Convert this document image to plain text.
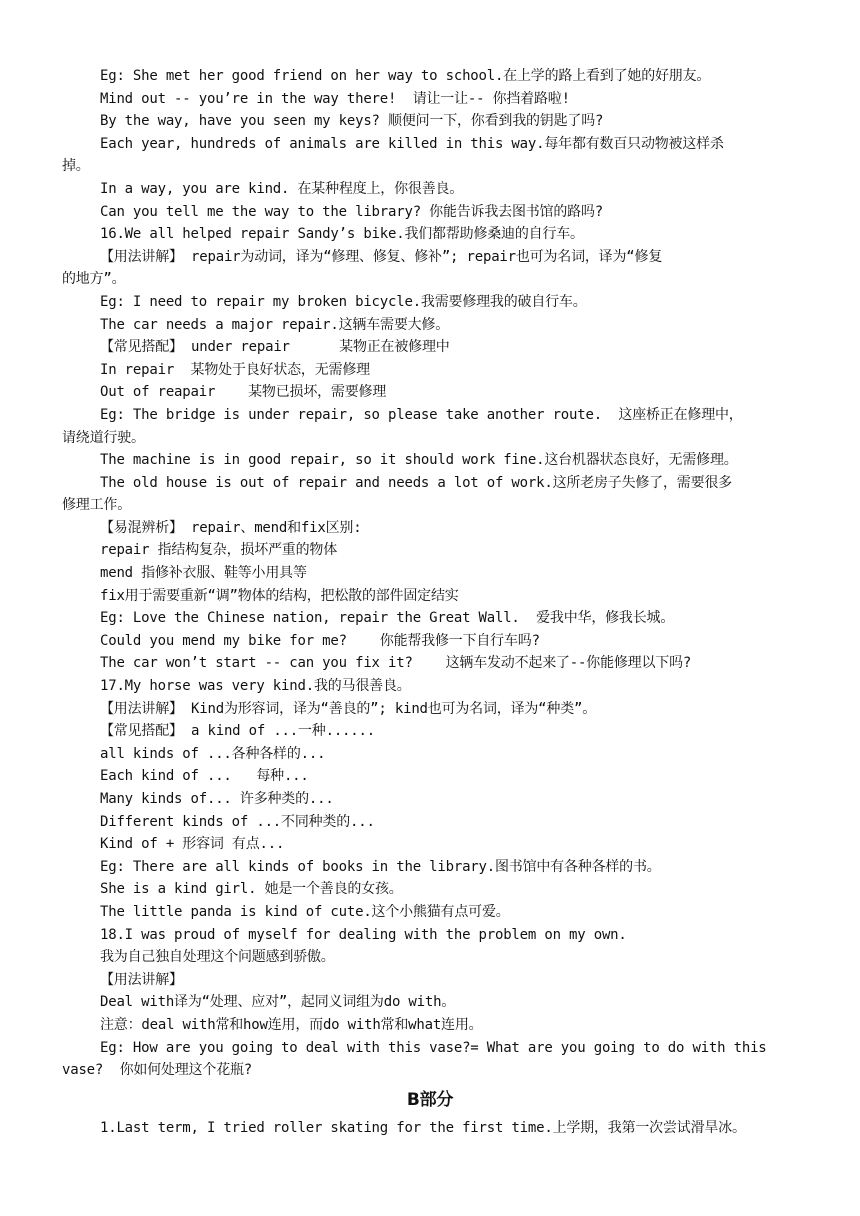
Eg: She met her good friend on her way to school.在上学的路上看到了她的好朋友。
Mind out -- you’re in the way there!  请让一让-- 你挡着路啦!
By the way, have you seen my keys? 顺便问一下，你看到我的钥匙了吗?
Each year, hundreds of animals are killed in this way.每年都有数百只动物被这样杀
掉。
In a way, you are kind. 在某种程度上，你很善良。
Can you tell me the way to the library? 你能告诉我去图书馆的路吗?
16.We all helped repair Sandy’s bike.我们都帮助修桑迪的自行车。
【用法讲解】 repair为动词，译为“修理、修复、修补”; repair也可为名词，译为“修复
的地方”。
Eg: I need to repair my broken bicycle.我需要修理我的破自行车。
The car needs a major repair.这辆车需要大修。
【常见搭配】 under repair      某物正在被修理中
In repair  某物处于良好状态，无需修理
Out of reapair    某物已损坏，需要修理
Eg: The bridge is under repair, so please take another route.  这座桥正在修理中，
请绕道行驶。
The machine is in good repair, so it should work fine.这台机器状态良好，无需修理。
The old house is out of repair and needs a lot of work.这所老房子失修了，需要很多
修理工作。
【易混辨析】 repair、mend和fix区别:
repair 指结构复杂，损坏严重的物体
mend 指修补衣服、鞋等小用具等
fix用于需要重新“调”物体的结构，把松散的部件固定结实
Eg: Love the Chinese nation, repair the Great Wall.  爱我中华，修我长城。
Could you mend my bike for me?    你能帮我修一下自行车吗?
The car won’t start -- can you fix it?    这辆车发动不起来了--你能修理以下吗?
17.My horse was very kind.我的马很善良。
【用法讲解】 Kind为形容词，译为“善良的”; kind也可为名词，译为“种类”。
【常见搭配】 a kind of ...一种......
all kinds of ...各种各样的...
Each kind of ...   每种...
Many kinds of... 许多种类的...
Different kinds of ...不同种类的...
Kind of + 形容词 有点...
Eg: There are all kinds of books in the library.图书馆中有各种各样的书。
She is a kind girl. 她是一个善良的女孩。
The little panda is kind of cute.这个小熊猫有点可爱。
18.I was proud of myself for dealing with the problem on my own.
我为自己独自处理这个问题感到骄傲。
【用法讲解】
Deal with译为“处理、应对”，起同义词组为do with。
注意：deal with常和how连用，而do with常和what连用。
Eg: How are you going to deal with this vase?= What are you going to do with this
vase?  你如何处理这个花瓶?
B部分
1.Last term, I tried roller skating for the first time.上学期，我第一次尝试滑旱冰。
